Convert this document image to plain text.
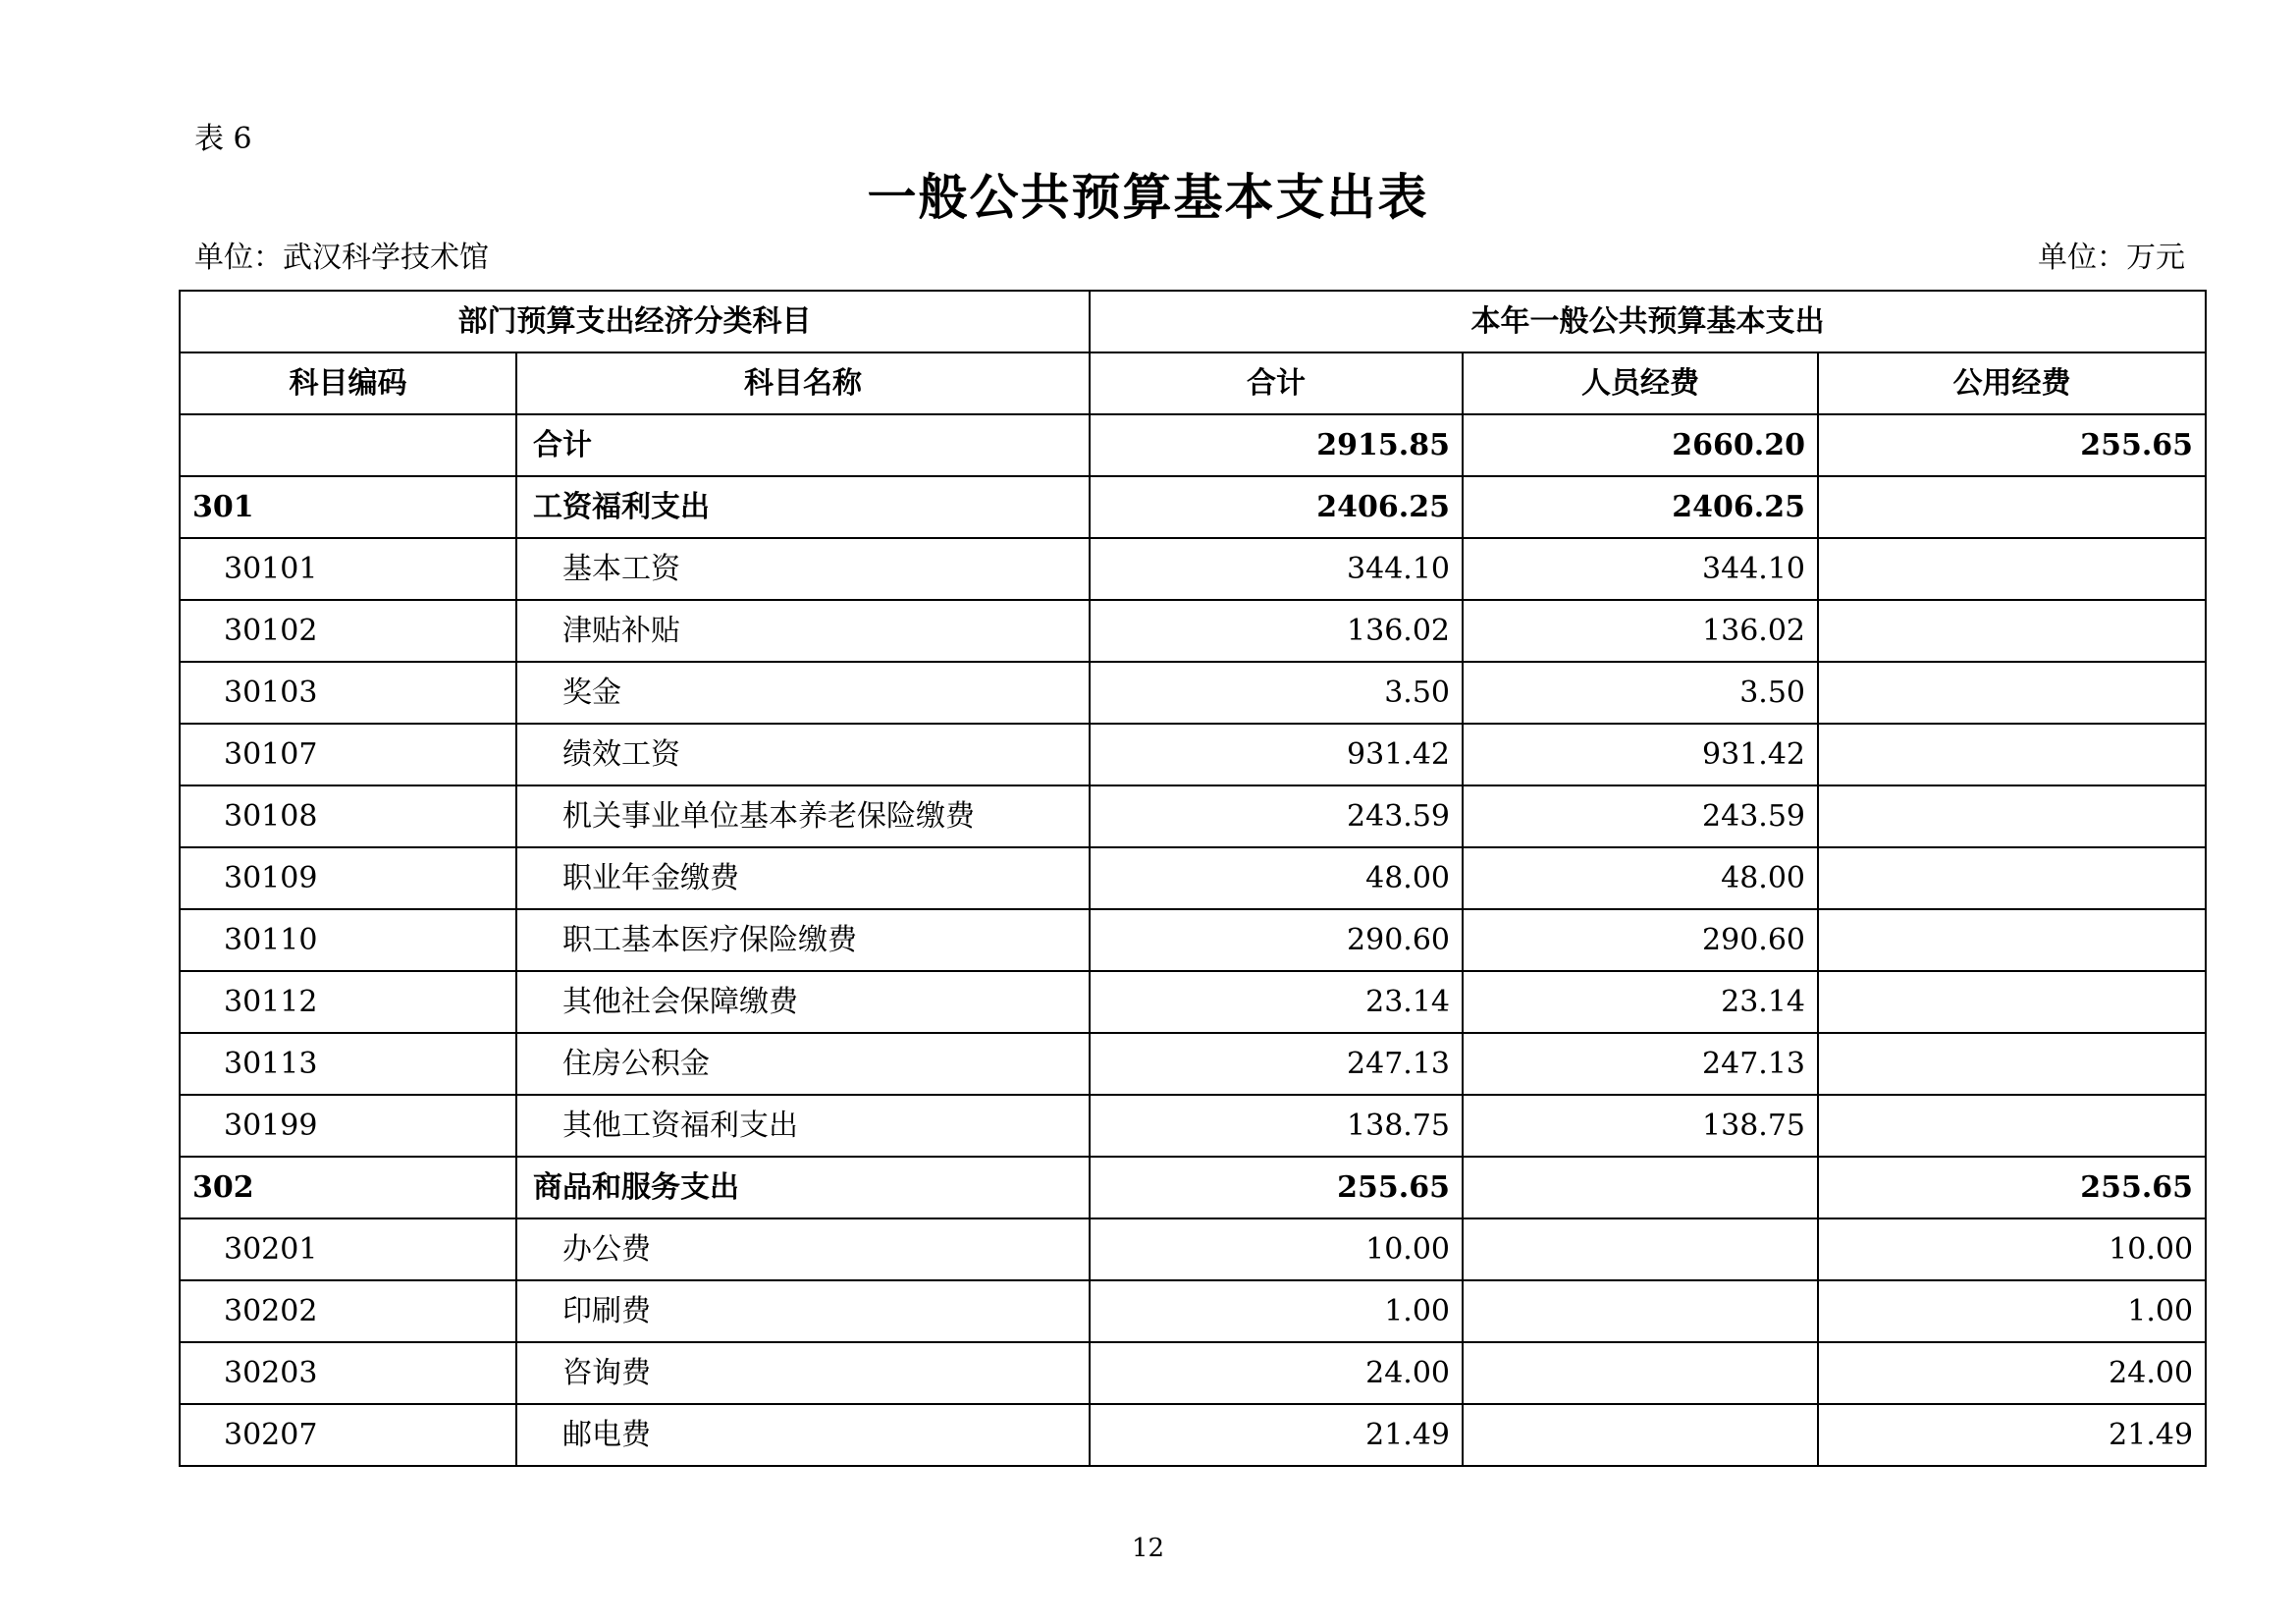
表 6
一般公共预算基本支出表
单位：武汉科学技术馆	单位：万元
部门预算支出经济分类科目		本年一般公共预算基本支出		
科目编码	科目名称	合计	人员经费	公用经费
	合计	2915.85	2660.20	255.65
301	工资福利支出	2406.25	2406.25	
30101	基本工资	344.10	344.10	
30102	津贴补贴	136.02	136.02	
30103	奖金	3.50	3.50	
30107	绩效工资	931.42	931.42	
30108	机关事业单位基本养老保险缴费	243.59	243.59	
30109	职业年金缴费	48.00	48.00	
30110	职工基本医疗保险缴费	290.60	290.60	
30112	其他社会保障缴费	23.14	23.14	
30113	住房公积金	247.13	247.13	
30199	其他工资福利支出	138.75	138.75	
302	商品和服务支出	255.65		255.65
30201	办公费	10.00		10.00
30202	印刷费	1.00		1.00
30203	咨询费	24.00		24.00
30207	邮电费	21.49		21.49
12
